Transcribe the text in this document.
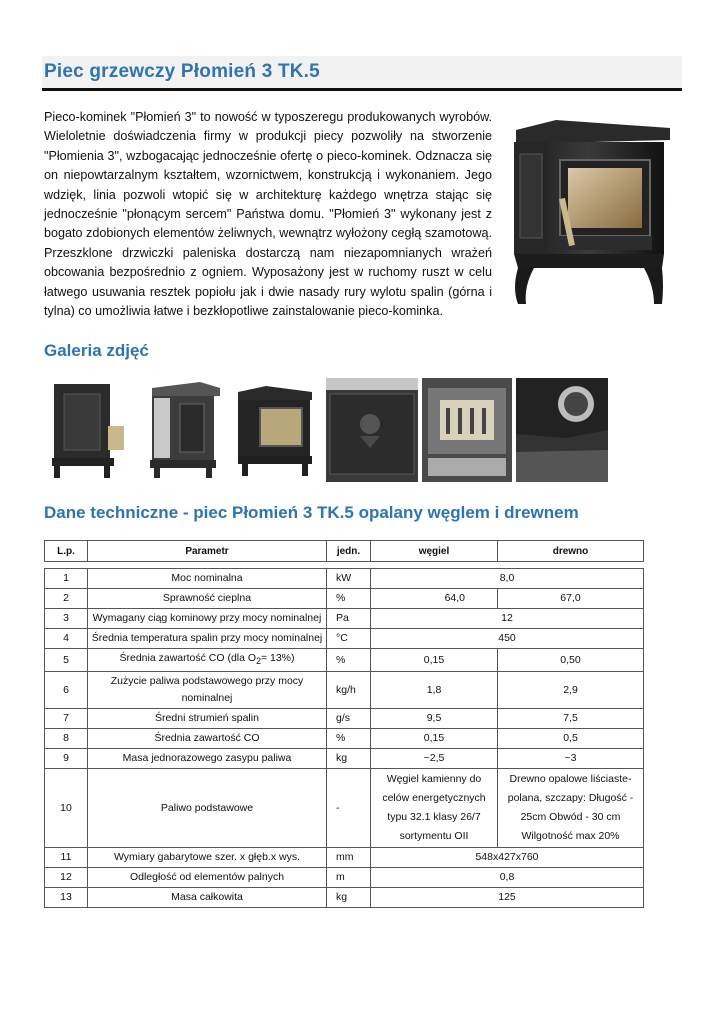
Piec grzewczy Płomień 3 TK.5

Pieco-kominek "Płomień 3" to nowość w typoszeregu produkowanych wyrobów. Wieloletnie doświadczenia firmy w produkcji piecy pozwoliły na stworzenie "Płomienia 3", wzbogacając jednocześnie ofertę o pieco-kominek. Odznacza się on niepowtarzalnym kształtem, wzornictwem, konstrukcją i wykonaniem. Jego wdzięk, linia pozwoli wtopić się w architekturę każdego wnętrza stając się jednocześnie "płonącym sercem" Państwa domu. "Płomień 3" wykonany jest z bogato zdobionych elementów żeliwnych, wewnątrz wyłożony cegłą szamotową. Przeszklone drzwiczki paleniska dostarczą nam niezapomnianych wrażeń obcowania bezpośrednio z ogniem. Wyposażony jest w ruchomy ruszt w celu łatwego usuwania resztek popiołu jak i dwie nasady rury wylotu spalin (górna i tylna) co umożliwia łatwe i bezkłopotliwe zainstalowanie pieco-kominka.

Galeria zdjęć
Dane techniczne - piec Płomień 3 TK.5 opalany węglem i drewnem
L.p.	Parametr	jedn.	węgiel	drewno

1	Moc nominalna	kW	8,0	
2	Sprawność cieplna	%	64,0	67,0
3	Wymagany ciąg kominowy przy mocy nominalnej	Pa	12	
4	Średnia temperatura spalin przy mocy nominalnej	°C	450	
5	Średnia zawartość CO (dla $O_2= 13\%$)	%	0,15	0,50
6	Zużycie paliwa podstawowego przy mocy nominalnej	kg/h	1,8	2,9
7	Średni strumień spalin	g/s	9,5	7,5
8	Średnia zawartość CO	%	0,15	0,5
9	Masa jednorazowego zasypu paliwa	kg	~2,5	~3
10	Paliwo podstawowe	-	Węgiel kamienny do celów energetycznych typu 32.1 klasy 26/7 sortymentu OII	Drewno opalowe liściaste-polana, szczapy: Długość - 25cm Obwód - 30 cm Wilgotność max 20%
11	Wymiary gabarytowe szer. x głęb.x wys.	mm	548x427x760	
12	Odległość od elementów palnych	m	0,8	
13	Masa całkowita	kg	125	
